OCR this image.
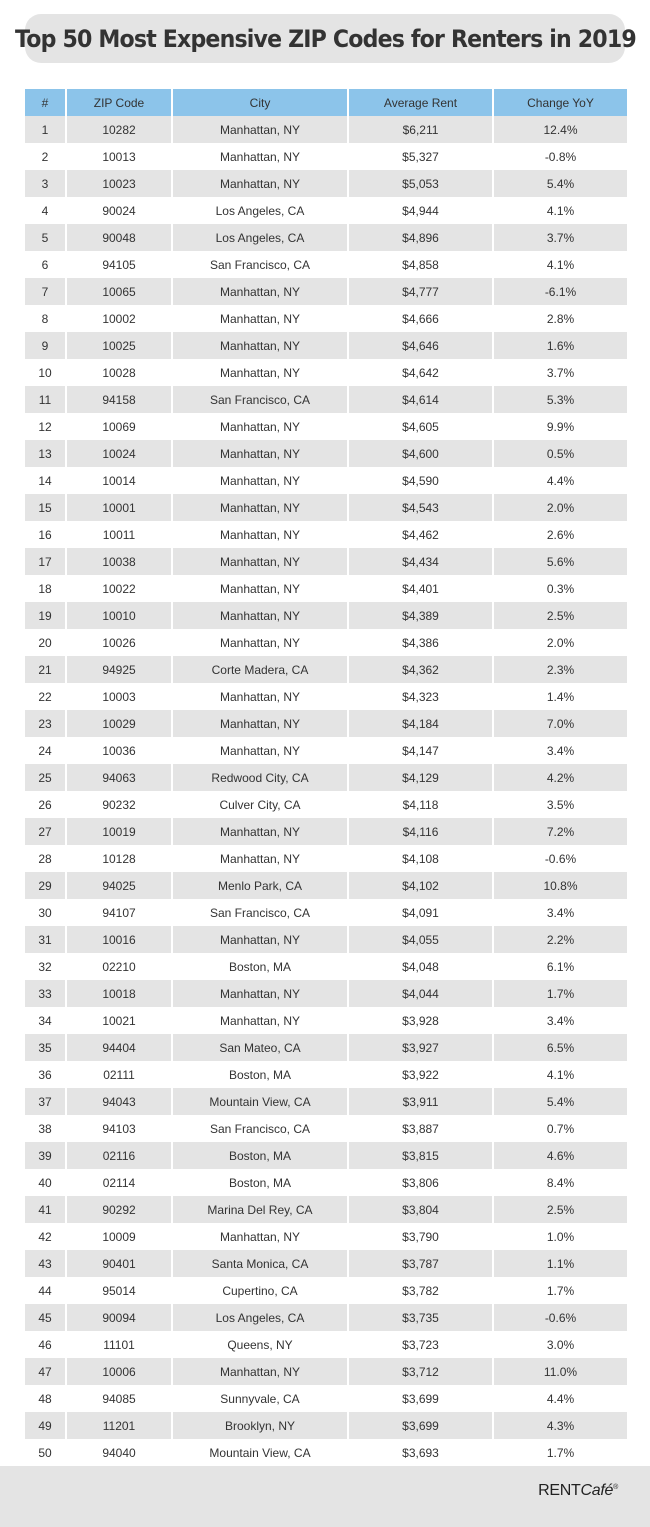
Top 50 Most Expensive ZIP Codes for Renters in 2019
#	ZIP Code	City	Average Rent	Change YoY
1	10282	Manhattan, NY	$6,211	12.4%
2	10013	Manhattan, NY	$5,327	-0.8%
3	10023	Manhattan, NY	$5,053	5.4%
4	90024	Los Angeles, CA	$4,944	4.1%
5	90048	Los Angeles, CA	$4,896	3.7%
6	94105	San Francisco, CA	$4,858	4.1%
7	10065	Manhattan, NY	$4,777	-6.1%
8	10002	Manhattan, NY	$4,666	2.8%
9	10025	Manhattan, NY	$4,646	1.6%
10	10028	Manhattan, NY	$4,642	3.7%
11	94158	San Francisco, CA	$4,614	5.3%
12	10069	Manhattan, NY	$4,605	9.9%
13	10024	Manhattan, NY	$4,600	0.5%
14	10014	Manhattan, NY	$4,590	4.4%
15	10001	Manhattan, NY	$4,543	2.0%
16	10011	Manhattan, NY	$4,462	2.6%
17	10038	Manhattan, NY	$4,434	5.6%
18	10022	Manhattan, NY	$4,401	0.3%
19	10010	Manhattan, NY	$4,389	2.5%
20	10026	Manhattan, NY	$4,386	2.0%
21	94925	Corte Madera, CA	$4,362	2.3%
22	10003	Manhattan, NY	$4,323	1.4%
23	10029	Manhattan, NY	$4,184	7.0%
24	10036	Manhattan, NY	$4,147	3.4%
25	94063	Redwood City, CA	$4,129	4.2%
26	90232	Culver City, CA	$4,118	3.5%
27	10019	Manhattan, NY	$4,116	7.2%
28	10128	Manhattan, NY	$4,108	-0.6%
29	94025	Menlo Park, CA	$4,102	10.8%
30	94107	San Francisco, CA	$4,091	3.4%
31	10016	Manhattan, NY	$4,055	2.2%
32	02210	Boston, MA	$4,048	6.1%
33	10018	Manhattan, NY	$4,044	1.7%
34	10021	Manhattan, NY	$3,928	3.4%
35	94404	San Mateo, CA	$3,927	6.5%
36	02111	Boston, MA	$3,922	4.1%
37	94043	Mountain View, CA	$3,911	5.4%
38	94103	San Francisco, CA	$3,887	0.7%
39	02116	Boston, MA	$3,815	4.6%
40	02114	Boston, MA	$3,806	8.4%
41	90292	Marina Del Rey, CA	$3,804	2.5%
42	10009	Manhattan, NY	$3,790	1.0%
43	90401	Santa Monica, CA	$3,787	1.1%
44	95014	Cupertino, CA	$3,782	1.7%
45	90094	Los Angeles, CA	$3,735	-0.6%
46	11101	Queens, NY	$3,723	3.0%
47	10006	Manhattan, NY	$3,712	11.0%
48	94085	Sunnyvale, CA	$3,699	4.4%
49	11201	Brooklyn, NY	$3,699	4.3%
50	94040	Mountain View, CA	$3,693	1.7%
RENTCafé®
